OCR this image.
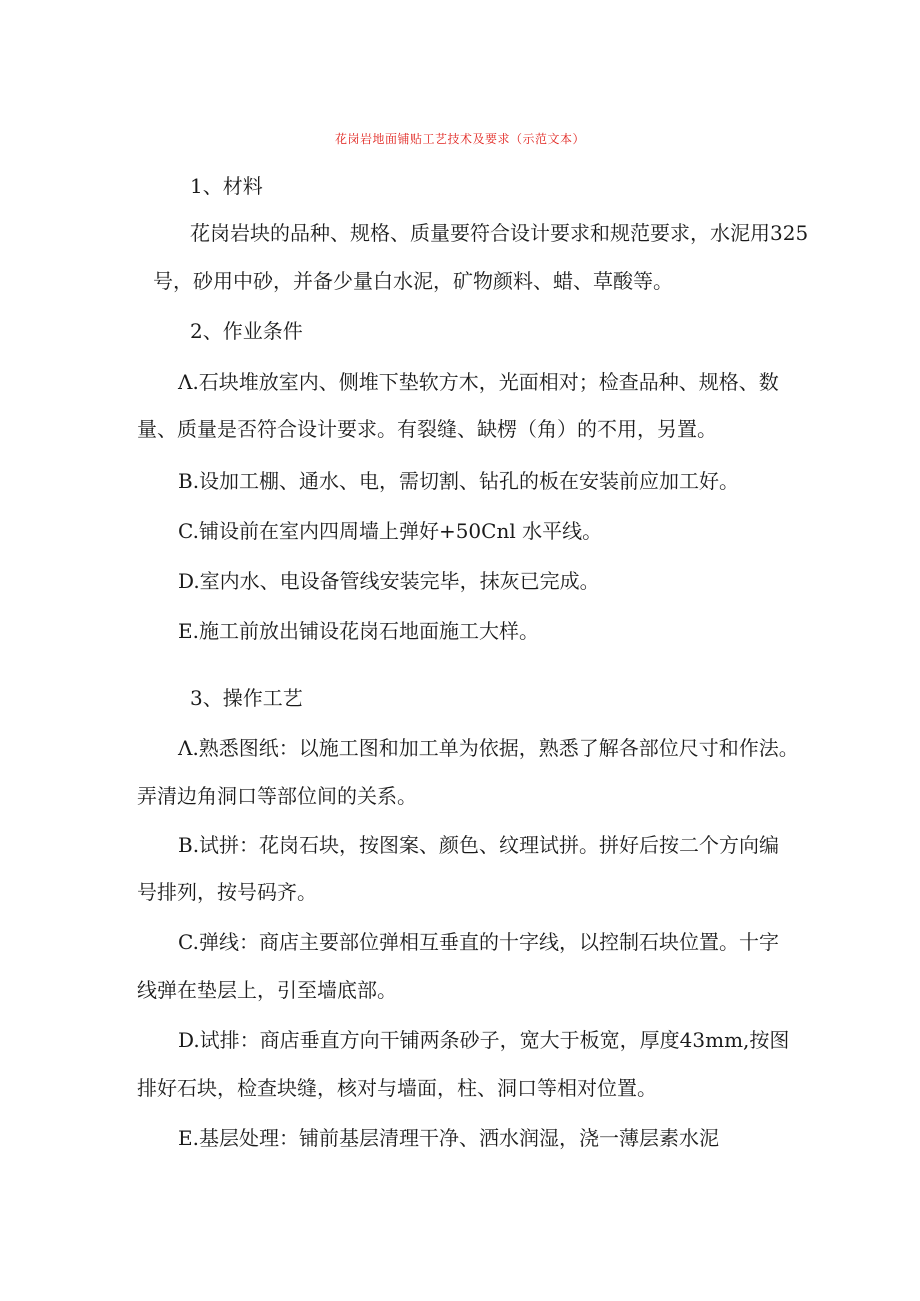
花岗岩地面铺贴工艺技术及要求（示范文本）
1、材料
花岗岩块的品种、规格、质量要符合设计要求和规范要求，水泥用325
号，砂用中砂，并备少量白水泥，矿物颜料、蜡、草酸等。
2、作业条件
Λ.石块堆放室内、侧堆下垫软方木，光面相对；检查品种、规格、数
量、质量是否符合设计要求。有裂缝、缺楞（角）的不用，另置。
B.设加工棚、通水、电，需切割、钻孔的板在安装前应加工好。
C.铺设前在室内四周墙上弹好+50Cnl 水平线。
D.室内水、电设备管线安装完毕，抹灰已完成。
E.施工前放出铺设花岗石地面施工大样。
3、操作工艺
Λ.熟悉图纸：以施工图和加工单为依据，熟悉了解各部位尺寸和作法。
弄清边角洞口等部位间的关系。
B.试拼：花岗石块，按图案、颜色、纹理试拼。拼好后按二个方向编
号排列，按号码齐。
C.弹线：商店主要部位弹相互垂直的十字线，以控制石块位置。十字
线弹在垫层上，引至墙底部。
D.试排：商店垂直方向干铺两条砂子，宽大于板宽，厚度43mm,按图
排好石块，检查块缝，核对与墙面，柱、洞口等相对位置。
E.基层处理：铺前基层清理干净、洒水润湿，浇一薄层素水泥
